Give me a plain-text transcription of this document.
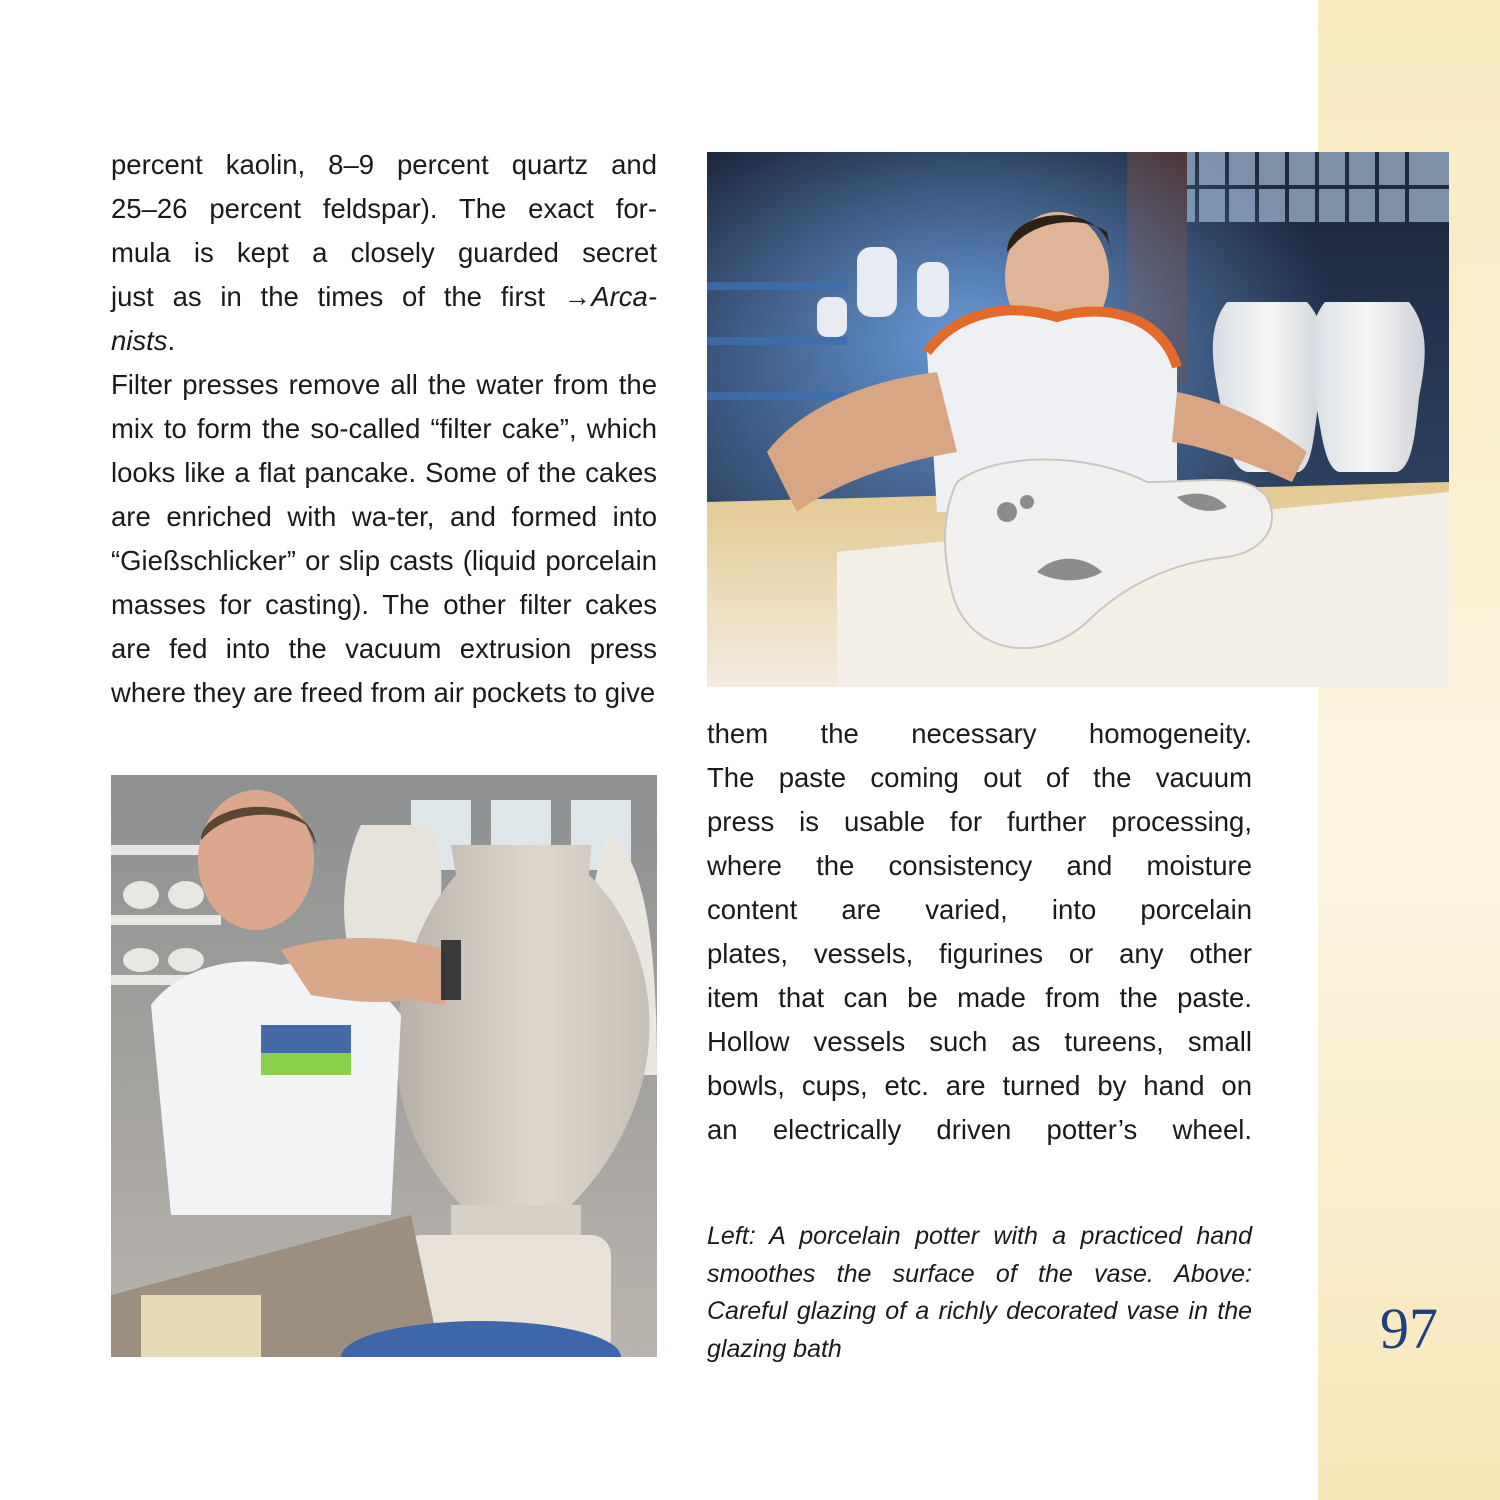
97

percent kaolin, 8–9 percent quartz and
25–26 percent feldspar). The exact for-
mula is kept a closely guarded secret
just as in the times of the first →Arca-

nists.

Filter presses remove all the water from the mix to form the so-called “filter cake”, which looks like a flat pancake. Some of the cakes are enriched with wa-ter, and formed into “Gießschlicker” or slip casts (liquid porcelain masses for casting). The other filter cakes are fed into the vacuum extrusion press where they are freed from air pockets to give

them the necessary homogeneity.

The paste coming out of the vacuum

press is usable for further processing,

where the consistency and moisture

content are varied, into porcelain

plates, vessels, figurines or any other

item that can be made from the paste.

Hollow vessels such as tureens, small

bowls, cups, etc. are turned by hand on

an electrically driven potter’s wheel.

Left: A porcelain potter with a practiced hand smoothes the surface of the vase. Above: Careful glazing of a richly decorated vase in the glazing bath
